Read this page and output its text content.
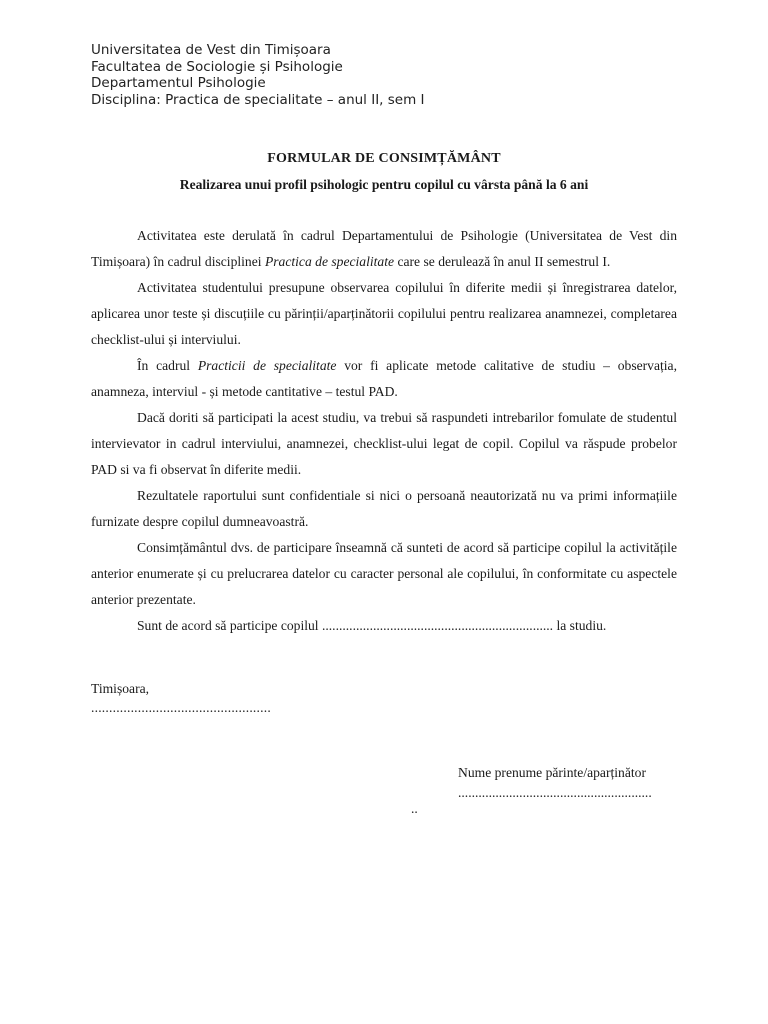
Universitatea de Vest din Timișoara
Facultatea de Sociologie și Psihologie
Departamentul Psihologie
Disciplina: Practica de specialitate – anul II, sem I
FORMULAR DE CONSIMȚĂMÂNT
Realizarea unui profil psihologic pentru copilul cu vârsta până la 6 ani

Activitatea este derulată în cadrul Departamentului de Psihologie (Universitatea de Vest din Timișoara) în cadrul disciplinei Practica de specialitate care se derulează în anul II semestrul I.

Activitatea studentului presupune observarea copilului în diferite medii și înregistrarea datelor, aplicarea unor teste și discuțiile cu părinții/aparținătorii copilului pentru realizarea anamnezei, completarea checklist-ului și interviului.

În cadrul Practicii de specialitate vor fi aplicate metode calitative de studiu – observația, anamneza, interviul - și metode cantitative – testul PAD.

Dacă doriti să participati la acest studiu, va trebui să raspundeti intrebarilor fomulate de studentul intervievator in cadrul interviului, anamnezei, checklist-ului legat de copil. Copilul va răspude probelor PAD si va fi observat în diferite medii.

Rezultatele raportului sunt confidentiale si nici o persoană neautorizată nu va primi informațiile furnizate despre copilul dumneavoastră.

Consimțământul dvs. de participare înseamnă că sunteti de acord să participe copilul la activitățile anterior enumerate și cu prelucrarea datelor cu caracter personal ale copilului, în conformitate cu aspectele anterior prezentate.

Sunt de acord să participe copilul .................................................................... la studiu.

Timișoara,
..................................................
Nume prenume părinte/aparținător
.........................................................
..
